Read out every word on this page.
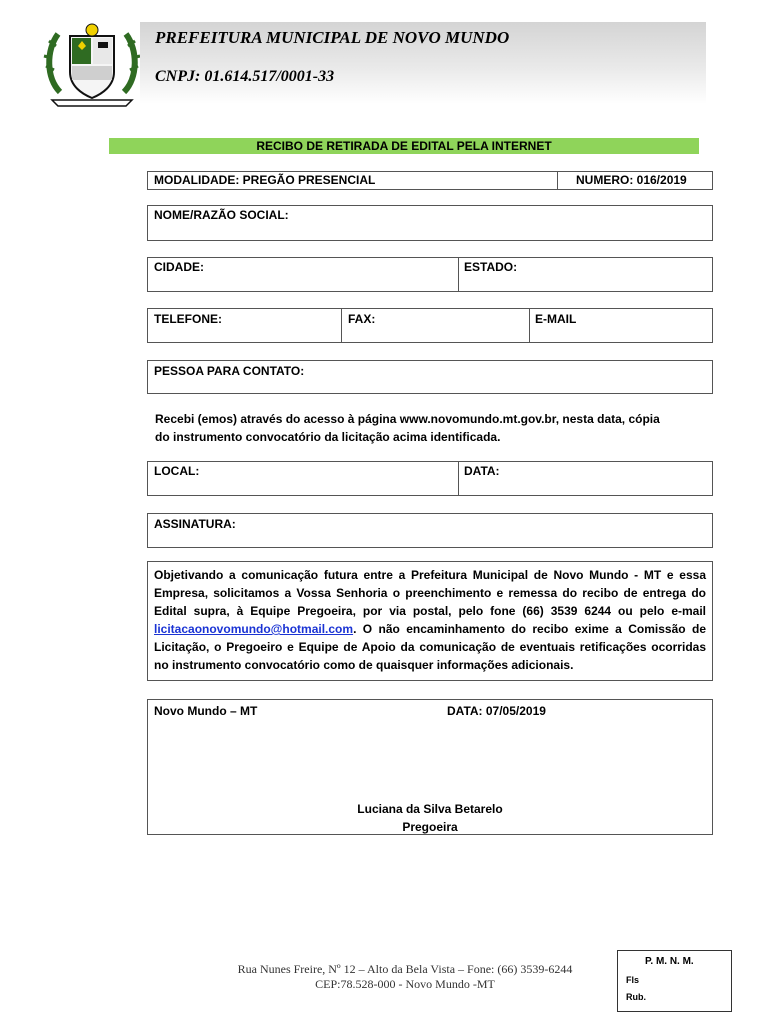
PREFEITURA MUNICIPAL DE NOVO MUNDO
CNPJ: 01.614.517/0001-33
RECIBO DE RETIRADA DE EDITAL PELA INTERNET
MODALIDADE: PREGÃO PRESENCIAL	NUMERO: 016/2019
NOME/RAZÃO SOCIAL:
CIDADE:	ESTADO:
TELEFONE:	FAX:	E-MAIL
PESSOA PARA CONTATO:
Recebi (emos) através do acesso à página www.novomundo.mt.gov.br, nesta data, cópia
do instrumento convocatório da licitação acima identificada.
LOCAL:	DATA:
ASSINATURA:

Objetivando a comunicação futura entre a Prefeitura Municipal de Novo Mundo - MT e essa Empresa, solicitamos a Vossa Senhoria o preenchimento e remessa do recibo de entrega do Edital supra, à Equipe Pregoeira, por via postal, pelo fone (66) 3539 6244 ou pelo e-mail licitacaonovomundo@hotmail.com. O não encaminhamento do recibo exime a Comissão de Licitação, o Pregoeiro e Equipe de Apoio da comunicação de eventuais retificações ocorridas no instrumento convocatório como de quaisquer informações adicionais.

Novo Mundo – MT	DATA: 07/05/2019
Luciana da Silva Betarelo
Pregoeira
Rua Nunes Freire, Nº 12 – Alto da Bela Vista – Fone: (66) 3539-6244
CEP:78.528-000 - Novo Mundo -MT
P. M. N. M.
Fls
Rub.
